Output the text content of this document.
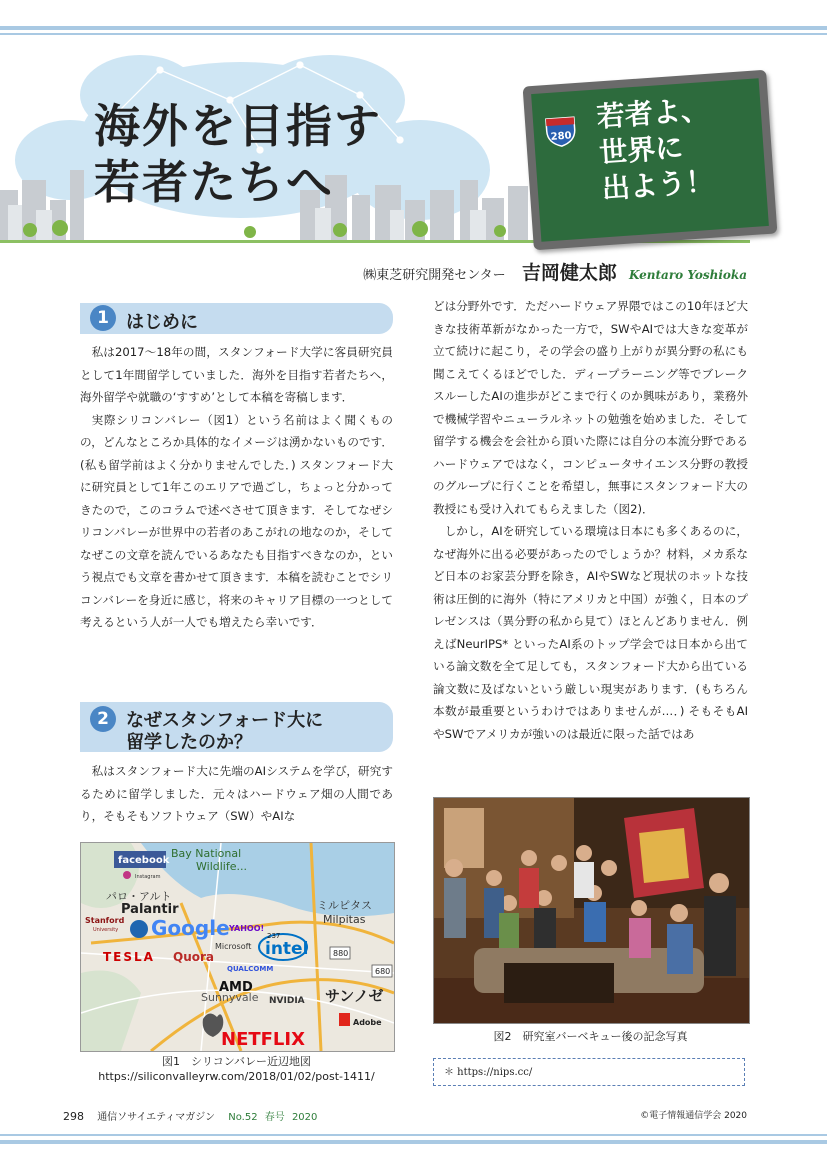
海外を目指す
若者たちへ
280
若者よ、
世界に
出よう！
㈱東芝研究開発センター 吉岡健太郎 Kentaro Yoshioka
1 はじめに

私は2017〜18年の間，スタンフォード大学に客員研究員として1年間留学していました．海外を目指す若者たちへ，海外留学や就職の‘すすめ’として本稿を寄稿します．

実際シリコンバレー（図1）という名前はよく聞くものの，どんなところか具体的なイメージは湧かないものです．(私も留学前はよく分かりませんでした．) スタンフォード大に研究員として1年このエリアで過ごし，ちょっと分かってきたので，このコラムで述べさせて頂きます．そしてなぜシリコンバレーが世界中の若者のあこがれの地なのか，そしてなぜこの文章を読んでいるあなたも目指すべきなのか，という視点でも文章を書かせて頂きます．本稿を読むことでシリコンバレーを身近に感じ，将来のキャリア目標の一つとして考えるという人が一人でも増えたら幸いです．

2 なぜスタンフォード大に
留学したのか？

私はスタンフォード大に先端のAIシステムを学び，研究するために留学しました．元々はハードウェア畑の人間であり，そもそもソフトウェア（SW）やAIな

どは分野外です．ただハードウェア界隈ではこの10年ほど大きな技術革新がなかった一方で，SWやAIでは大きな変革が立て続けに起こり，その学会の盛り上がりが異分野の私にも聞こえてくるほどでした．ディープラーニング等でブレークスルーしたAIの進歩がどこまで行くのか興味があり，業務外で機械学習やニューラルネットの勉強を始めました．そして留学する機会を会社から頂いた際には自分の本流分野であるハードウェアではなく，コンピュータサイエンス分野の教授のグループに行くことを希望し，無事にスタンフォード大の教授にも受け入れてもらえました（図2)．

しかし，AIを研究している環境は日本にも多くあるのに，なぜ海外に出る必要があったのでしょうか？材料，メカ系など日本のお家芸分野を除き，AIやSWなど現状のホットな技術は圧倒的に海外（特にアメリカと中国）が強く，日本のプレゼンスは（異分野の私から見て）ほとんどありません．例えばNeurIPS* といったAI系のトップ学会では日本から出ている論文数を全て足しても，スタンフォード大から出ている論文数に及ばないという厳しい現実があります．(もちろん本数が最重要というわけではありませんが…．) そもそもAIやSWでアメリカが強いのは最近に限った話ではあ

facebook
Instagram
Bay National
Wildlife...
パロ・アルト
Palantir
Stanford
University Google YAHOO!
Microsoft intel
ミルピタス
Milpitas
TESLA Quora
QUALCOMM
AMD
NVIDIA
Sunnyvale	サンノゼ
Adobe
NETFLIX
880
680
237
図1　シリコンバレー近辺地図
https://siliconvalleyrw.com/2018/01/02/post-1411/
図2　研究室バーベキュー後の記念写真
＊ https://nips.cc/
298 通信ソサイエティマガジン No.52 春号 2020	©電子情報通信学会 2020
